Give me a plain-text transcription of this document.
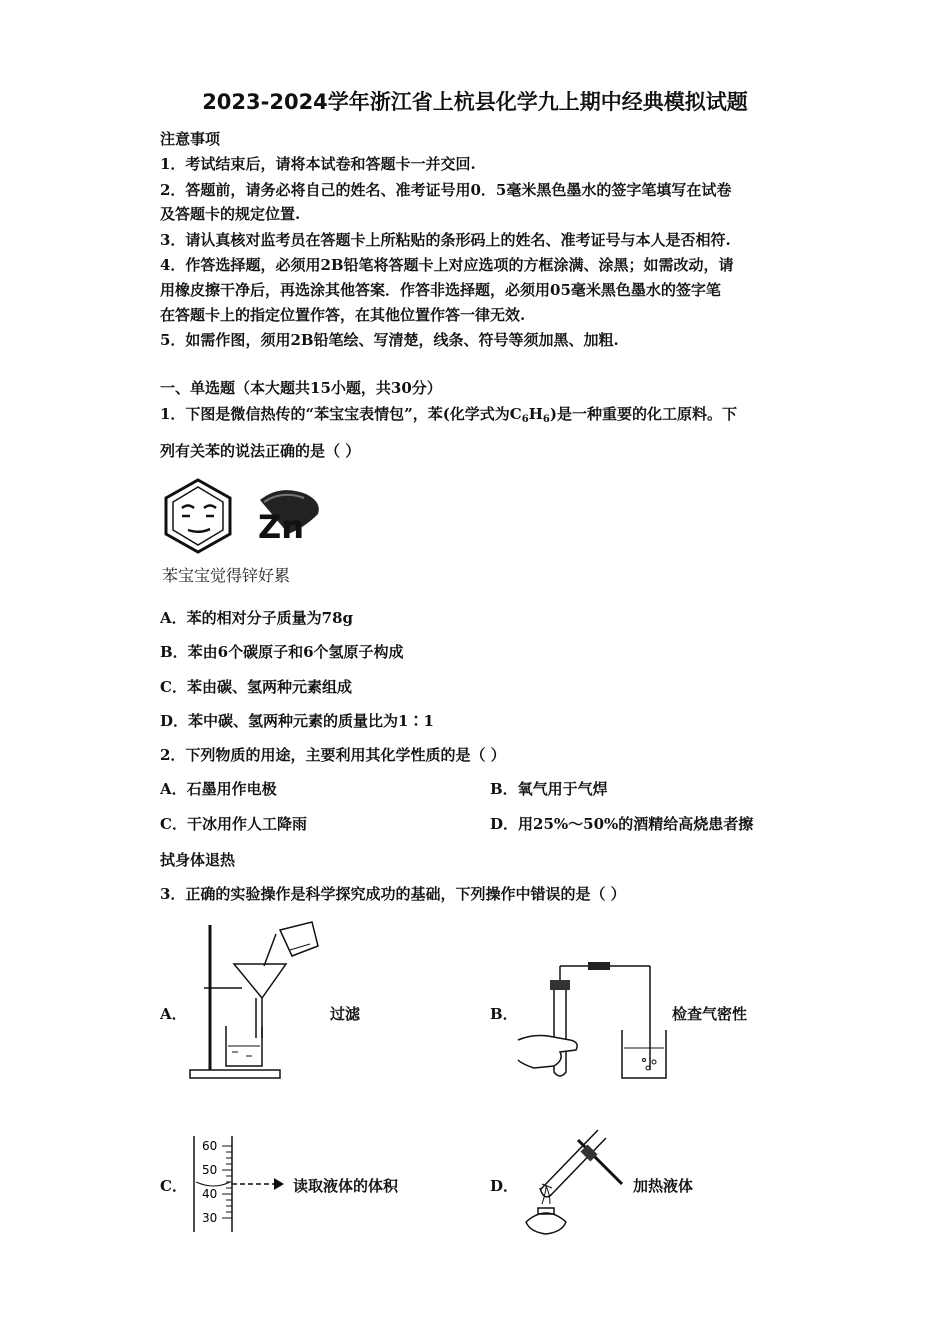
2023-2024学年浙江省上杭县化学九上期中经典模拟试题
注意事项
1．考试结束后，请将本试卷和答题卡一并交回.
2．答题前，请务必将自己的姓名、准考证号用0．5毫米黑色墨水的签字笔填写在试卷
及答题卡的规定位置.
3．请认真核对监考员在答题卡上所粘贴的条形码上的姓名、准考证号与本人是否相符.
4．作答选择题，必须用2B铅笔将答题卡上对应选项的方框涂满、涂黑；如需改动，请
用橡皮擦干净后，再选涂其他答案．作答非选择题，必须用05毫米黑色墨水的签字笔
在答题卡上的指定位置作答，在其他位置作答一律无效.
5．如需作图，须用2B铅笔绘、写清楚，线条、符号等须加黑、加粗.
一、单选题（本大题共15小题，共30分）
1．下图是微信热传的“苯宝宝表情包”，苯(化学式为$C_6H_6$)是一种重要的化工原料。下
列有关苯的说法正确的是（ ）
Zn
苯宝宝觉得锌好累
A．苯的相对分子质量为78g
B．苯由6个碳原子和6个氢原子构成
C．苯由碳、氢两种元素组成
D．苯中碳、氢两种元素的质量比为1∶1
2．下列物质的用途，主要利用其化学性质的是（ ）
A．石墨用作电极	B．氧气用于气焊
C．干冰用作人工降雨	D．用25%～50%的酒精给高烧患者擦
拭身体退热
3．正确的实验操作是科学探究成功的基础，下列操作中错误的是（ ）
A．	过滤	B．	检查气密性
C．
60
50
40
30
读取液体的体积	D．	加热液体
